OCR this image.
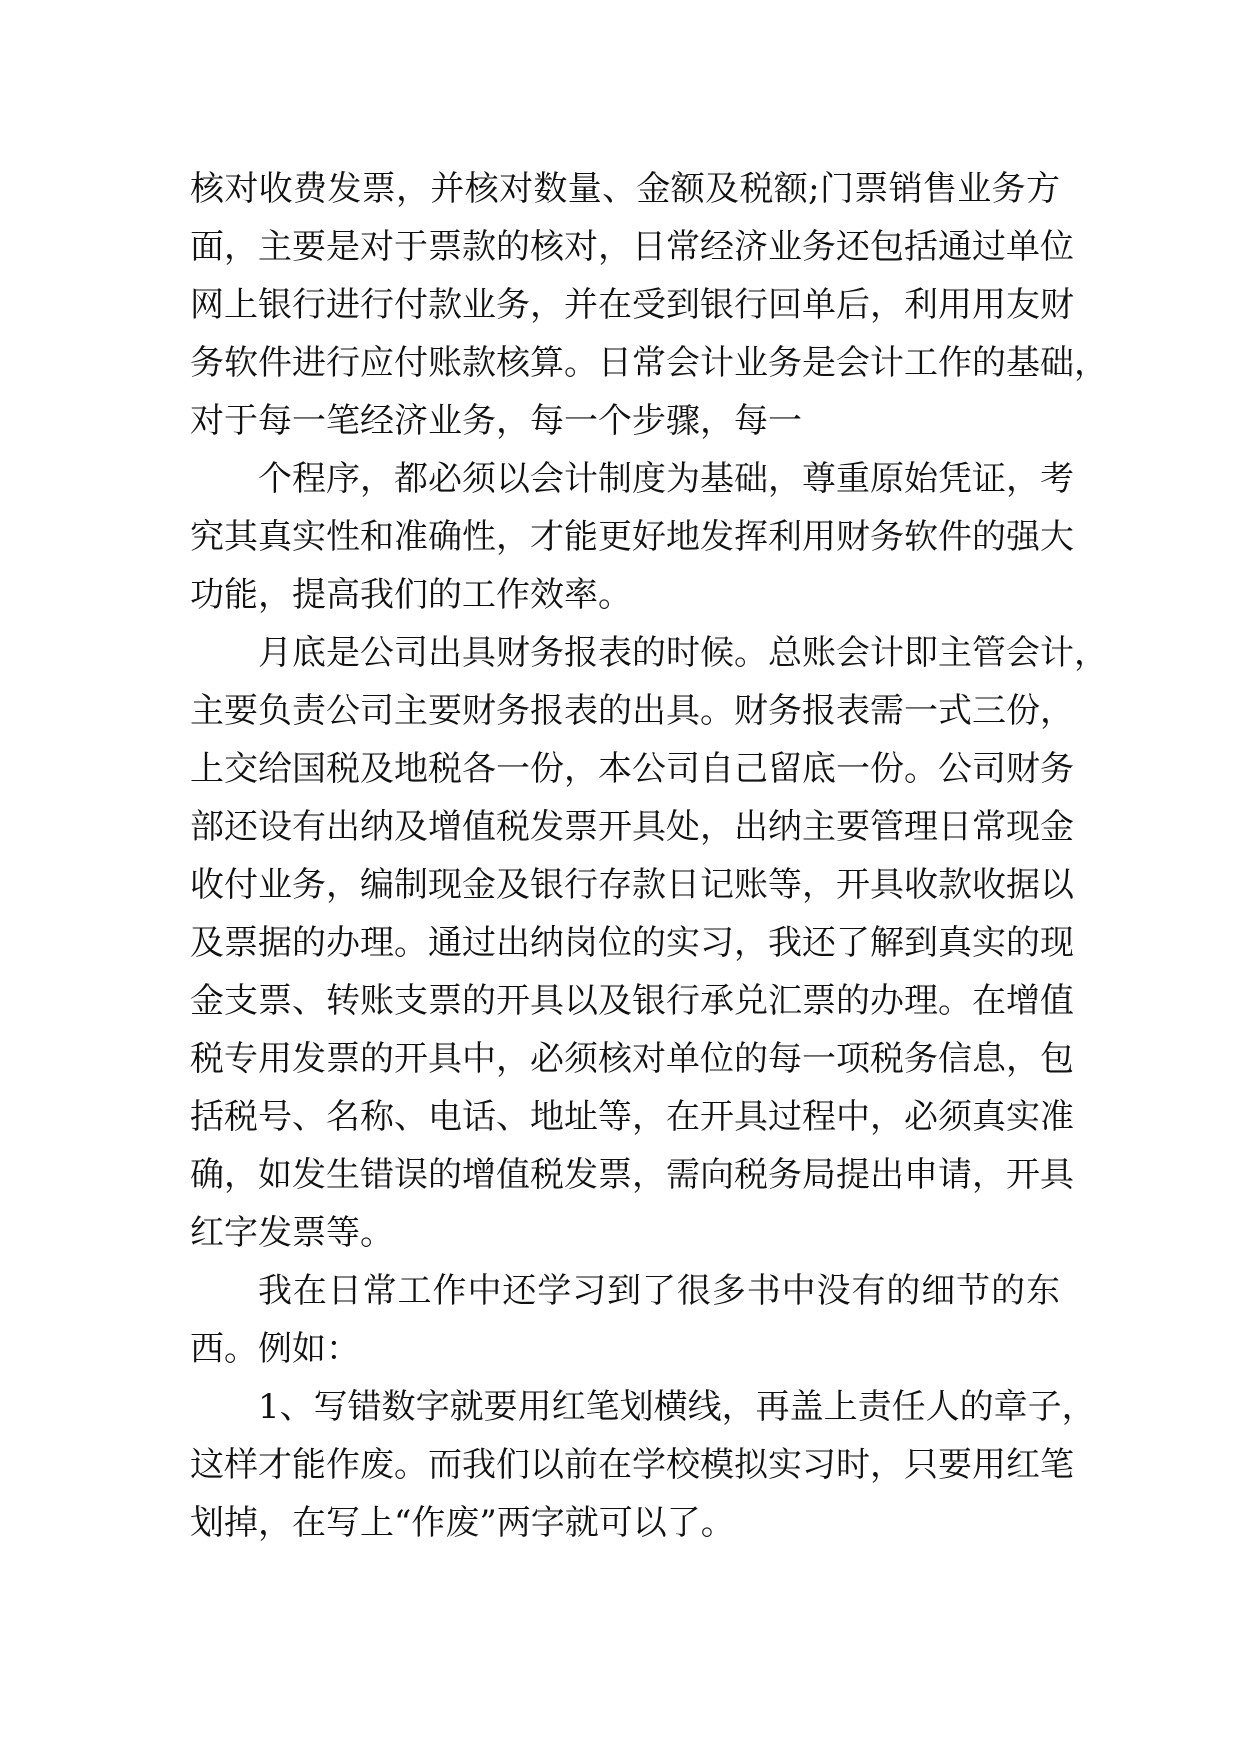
核对收费发票，并核对数量、金额及税额;门票销售业务方
面，主要是对于票款的核对，日常经济业务还包括通过单位
网上银行进行付款业务，并在受到银行回单后，利用用友财
务软件进行应付账款核算。日常会计业务是会计工作的基础，
对于每一笔经济业务，每一个步骤，每一
个程序，都必须以会计制度为基础，尊重原始凭证，考
究其真实性和准确性，才能更好地发挥利用财务软件的强大
功能，提高我们的工作效率。
月底是公司出具财务报表的时候。总账会计即主管会计，
主要负责公司主要财务报表的出具。财务报表需一式三份，
上交给国税及地税各一份，本公司自己留底一份。公司财务
部还设有出纳及增值税发票开具处，出纳主要管理日常现金
收付业务，编制现金及银行存款日记账等，开具收款收据以
及票据的办理。通过出纳岗位的实习，我还了解到真实的现
金支票、转账支票的开具以及银行承兑汇票的办理。在增值
税专用发票的开具中，必须核对单位的每一项税务信息，包
括税号、名称、电话、地址等，在开具过程中，必须真实准
确，如发生错误的增值税发票，需向税务局提出申请，开具
红字发票等。
我在日常工作中还学习到了很多书中没有的细节的东
西。例如：
1、写错数字就要用红笔划横线，再盖上责任人的章子，
这样才能作废。而我们以前在学校模拟实习时，只要用红笔
划掉，在写上“作废”两字就可以了。
